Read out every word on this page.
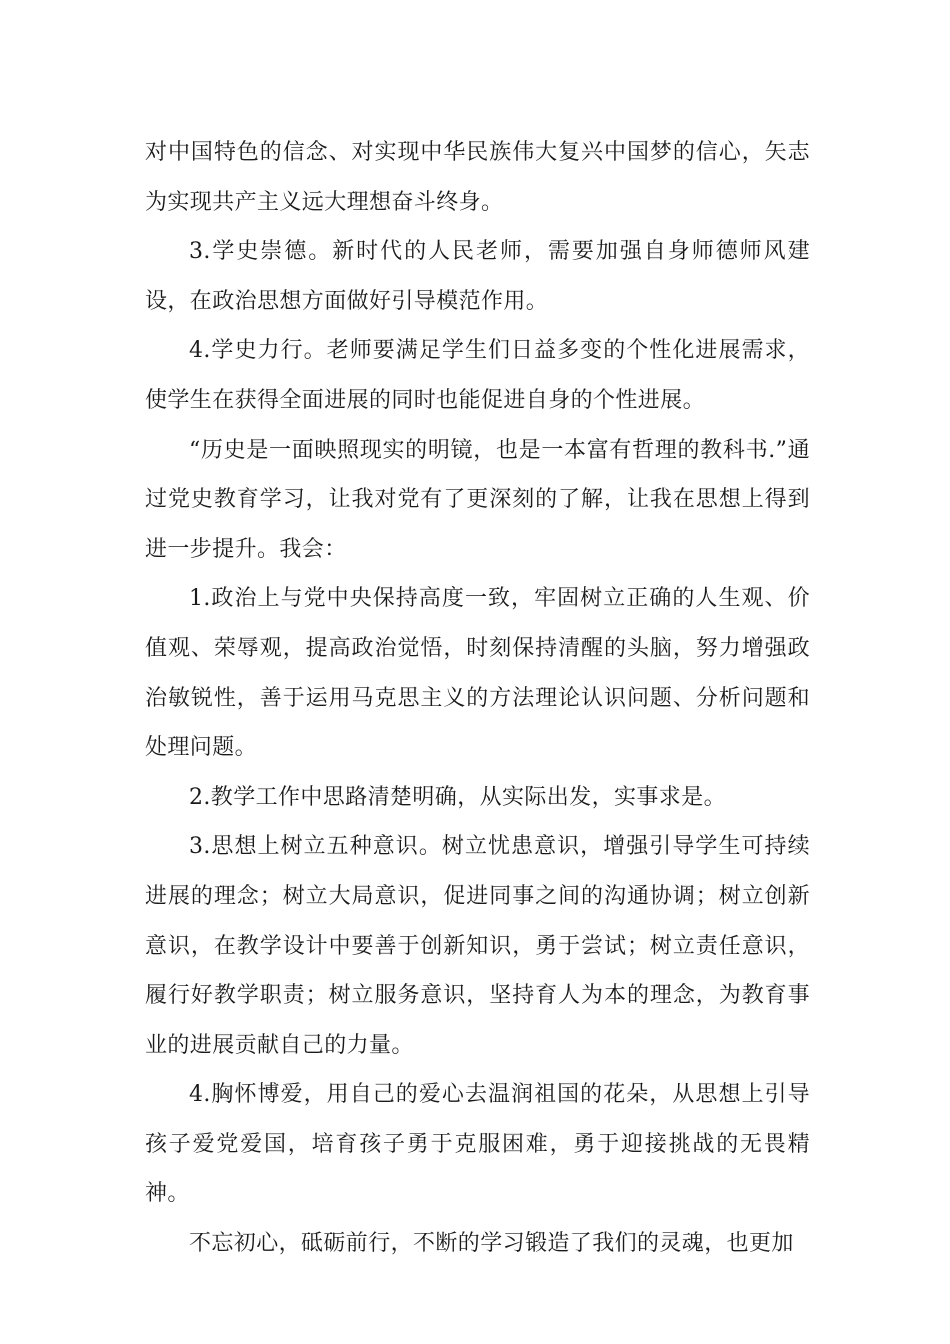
对中国特色的信念、对实现中华民族伟大复兴中国梦的信心，矢志为实现共产主义远大理想奋斗终身。

3.学史崇德。新时代的人民老师，需要加强自身师德师风建设，在政治思想方面做好引导模范作用。

4.学史力行。老师要满足学生们日益多变的个性化进展需求，使学生在获得全面进展的同时也能促进自身的个性进展。

“历史是一面映照现实的明镜，也是一本富有哲理的教科书.”通过党史教育学习，让我对党有了更深刻的了解，让我在思想上得到进一步提升。我会：

1.政治上与党中央保持高度一致，牢固树立正确的人生观、价值观、荣辱观，提高政治觉悟，时刻保持清醒的头脑，努力增强政治敏锐性，善于运用马克思主义的方法理论认识问题、分析问题和处理问题。

2.教学工作中思路清楚明确，从实际出发，实事求是。

3.思想上树立五种意识。树立忧患意识，增强引导学生可持续进展的理念；树立大局意识，促进同事之间的沟通协调；树立创新意识，在教学设计中要善于创新知识，勇于尝试；树立责任意识，履行好教学职责；树立服务意识，坚持育人为本的理念，为教育事业的进展贡献自己的力量。

4.胸怀博爱，用自己的爱心去温润祖国的花朵，从思想上引导孩子爱党爱国，培育孩子勇于克服困难，勇于迎接挑战的无畏精神。

不忘初心，砥砺前行，不断的学习锻造了我们的灵魂，也更加
